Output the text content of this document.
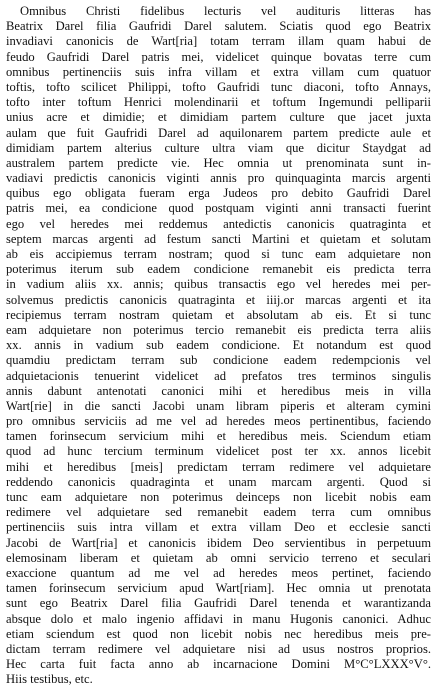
Omnibus Christi fidelibus lecturis vel audituris litteras has
Beatrix Darel filia Gaufridi Darel salutem. Sciatis quod ego Beatrix
invadiavi canonicis de Wart[ria] totam terram illam quam habui de
feudo Gaufridi Darel patris mei, videlicet quinque bovatas terre cum
omnibus pertinenciis suis infra villam et extra villam cum quatuor
toftis, tofto scilicet Philippi, tofto Gaufridi tunc diaconi, tofto Annays,
tofto inter toftum Henrici molendinarii et toftum Ingemundi pelliparii
unius acre et dimidie; et dimidiam partem culture que jacet juxta
aulam que fuit Gaufridi Darel ad aquilonarem partem predicte aule et
dimidiam partem alterius culture ultra viam que dicitur Staydgat ad
australem partem predicte vie. Hec omnia ut prenominata sunt in-
vadiavi predictis canonicis viginti annis pro quinquaginta marcis argenti
quibus ego obligata fueram erga Judeos pro debito Gaufridi Darel
patris mei, ea condicione quod postquam viginti anni transacti fuerint
ego vel heredes mei reddemus antedictis canonicis quatraginta et
septem marcas argenti ad festum sancti Martini et quietam et solutam
ab eis accipiemus terram nostram; quod si tunc eam adquietare non
poterimus iterum sub eadem condicione remanebit eis predicta terra
in vadium aliis xx. annis; quibus transactis ego vel heredes mei per-
solvemus predictis canonicis quatraginta et iiij.or marcas argenti et ita
recipiemus terram nostram quietam et absolutam ab eis. Et si tunc
eam adquietare non poterimus tercio remanebit eis predicta terra aliis
xx. annis in vadium sub eadem condicione. Et notandum est quod
quamdiu predictam terram sub condicione eadem redempcionis vel
adquietacionis tenuerint videlicet ad prefatos tres terminos singulis
annis dabunt antenotati canonici mihi et heredibus meis in villa
Wart[rie] in die sancti Jacobi unam libram piperis et alteram cymini
pro omnibus serviciis ad me vel ad heredes meos pertinentibus, faciendo
tamen forinsecum servicium mihi et heredibus meis. Sciendum etiam
quod ad hunc tercium terminum videlicet post ter xx. annos licebit
mihi et heredibus [meis] predictam terram redimere vel adquietare
reddendo canonicis quadraginta et unam marcam argenti. Quod si
tunc eam adquietare non poterimus deinceps non licebit nobis eam
redimere vel adquietare sed remanebit eadem terra cum omnibus
pertinenciis suis intra villam et extra villam Deo et ecclesie sancti
Jacobi de Wart[ria] et canonicis ibidem Deo servientibus in perpetuum
elemosinam liberam et quietam ab omni servicio terreno et seculari
exaccione quantum ad me vel ad heredes meos pertinet, faciendo
tamen forinsecum servicium apud Wart[riam]. Hec omnia ut prenotata
sunt ego Beatrix Darel filia Gaufridi Darel tenenda et warantizanda
absque dolo et malo ingenio affidavi in manu Hugonis canonici. Adhuc
etiam sciendum est quod non licebit nobis nec heredibus meis pre-
dictam terram redimere vel adquietare nisi ad usus nostros proprios.
Hec carta fuit facta anno ab incarnacione Domini M°C°LXXX°V°.
Hiis testibus, etc.
